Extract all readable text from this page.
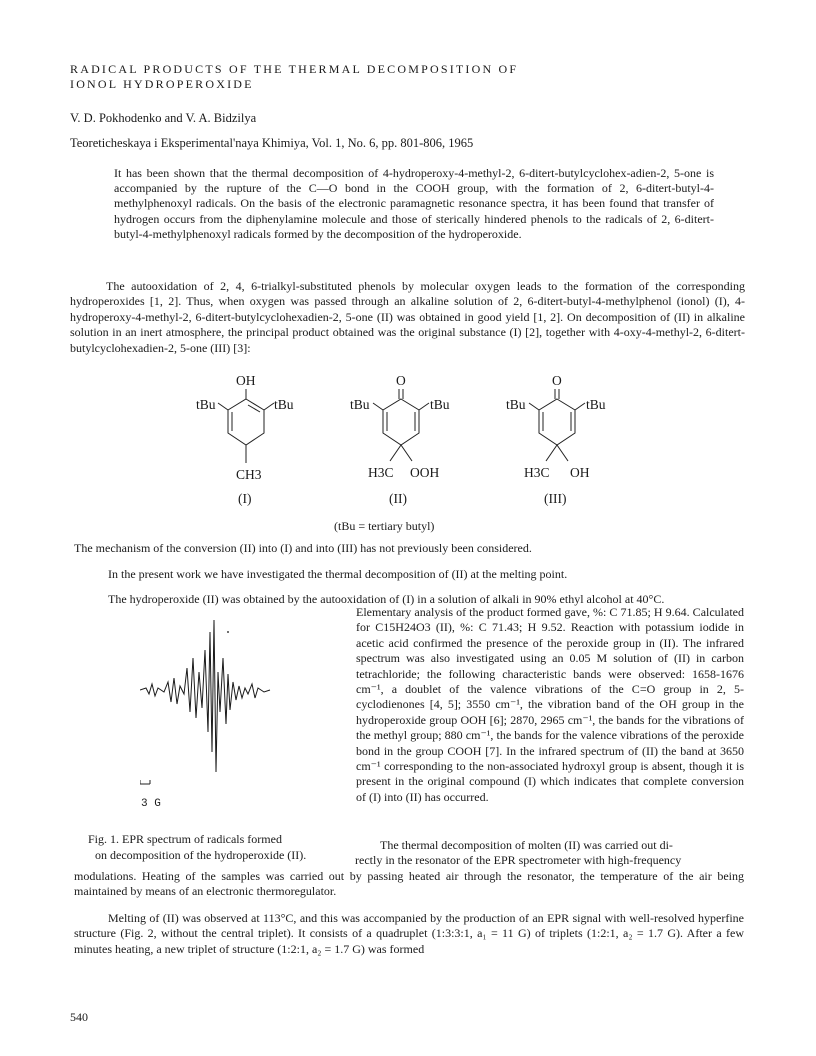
RADICAL PRODUCTS OF THE THERMAL DECOMPOSITION OF
IONOL HYDROPEROXIDE
V. D. Pokhodenko and V. A. Bidzilya
Teoreticheskaya i Eksperimental'naya Khimiya, Vol. 1, No. 6, pp. 801-806, 1965
It has been shown that the thermal decomposition of 4-hydroperoxy-4-methyl-2, 6-ditert-butylcyclohex-adien-2, 5-one is accompanied by the rupture of the C—O bond in the COOH group, with the formation of 2, 6-ditert-butyl-4-methylphenoxyl radicals. On the basis of the electronic paramagnetic resonance spectra, it has been found that transfer of hydrogen occurs from the diphenylamine molecule and those of sterically hindered phenols to the radicals of 2, 6-ditert-butyl-4-methylphenoxyl radicals formed by the decomposition of the hydroperoxide.
The autooxidation of 2, 4, 6-trialkyl-substituted phenols by molecular oxygen leads to the formation of the corresponding hydroperoxides [1, 2]. Thus, when oxygen was passed through an alkaline solution of 2, 6-ditert-butyl-4-methylphenol (ionol) (I), 4-hydroperoxy-4-methyl-2, 6-ditert-butylcyclohexadien-2, 5-one (II) was obtained in good yield [1, 2]. On decomposition of (II) in alkaline solution in an inert atmosphere, the principal product obtained was the original substance (I) [2], together with 4-oxy-4-methyl-2, 6-ditert-butylcyclohexadien-2, 5-one (III) [3]:
OH
tBu	tBu
CH3
(I)
O
tBu	tBu
H3C OOH
(II)
O
tBu	tBu
H3C OH
(III)
(tBu = tertiary butyl)
The mechanism of the conversion (II) into (I) and into (III) has not previously been considered.
In the present work we have investigated the thermal decomposition of (II) at the melting point.
The hydroperoxide (II) was obtained by the autooxidation of (I) in a solution of alkali in 90% ethyl alcohol at 40°C.
Elementary analysis of the product formed gave, %: C 71.85; H 9.64. Calculated for C15H24O3 (II), %: C 71.43; H 9.52. Reaction with potassium iodide in acetic acid confirmed the presence of the peroxide group in (II). The infrared spectrum was also investigated using an 0.05 M solution of (II) in carbon tetrachloride; the following characteristic bands were observed: 1658-1676 cm⁻¹, a doublet of the valence vibrations of the C=O group in 2, 5-cyclodienones [4, 5]; 3550 cm⁻¹, the vibration band of the OH group in the hydroperoxide group OOH [6]; 2870, 2965 cm⁻¹, the bands for the vibrations of the methyl group; 880 cm⁻¹, the bands for the valence vibrations of the peroxide bond in the group COOH [7]. In the infrared spectrum of (II) the band at 3650 cm⁻¹ corresponding to the non-associated hydroxyl group is absent, though it is present in the original compound (I) which indicates that complete conversion of (I) into (II) has occurred.
3 G
Fig. 1. EPR spectrum of radicals formed
on decomposition of the hydroperoxide (II).
The thermal decomposition of molten (II) was carried out di-
rectly in the resonator of the EPR spectrometer with high-frequency
modulations. Heating of the samples was carried out by passing heated air through the resonator, the temperature of the air being maintained by means of an electronic thermoregulator.
Melting of (II) was observed at 113°C, and this was accompanied by the production of an EPR signal with well-resolved hyperfine structure (Fig. 2, without the central triplet). It consists of a quadruplet (1:3:3:1, a₁ = 11 G) of triplets (1:2:1, a₂ = 1.7 G). After a few minutes heating, a new triplet of structure (1:2:1, a₂ = 1.7 G) was formed
540
